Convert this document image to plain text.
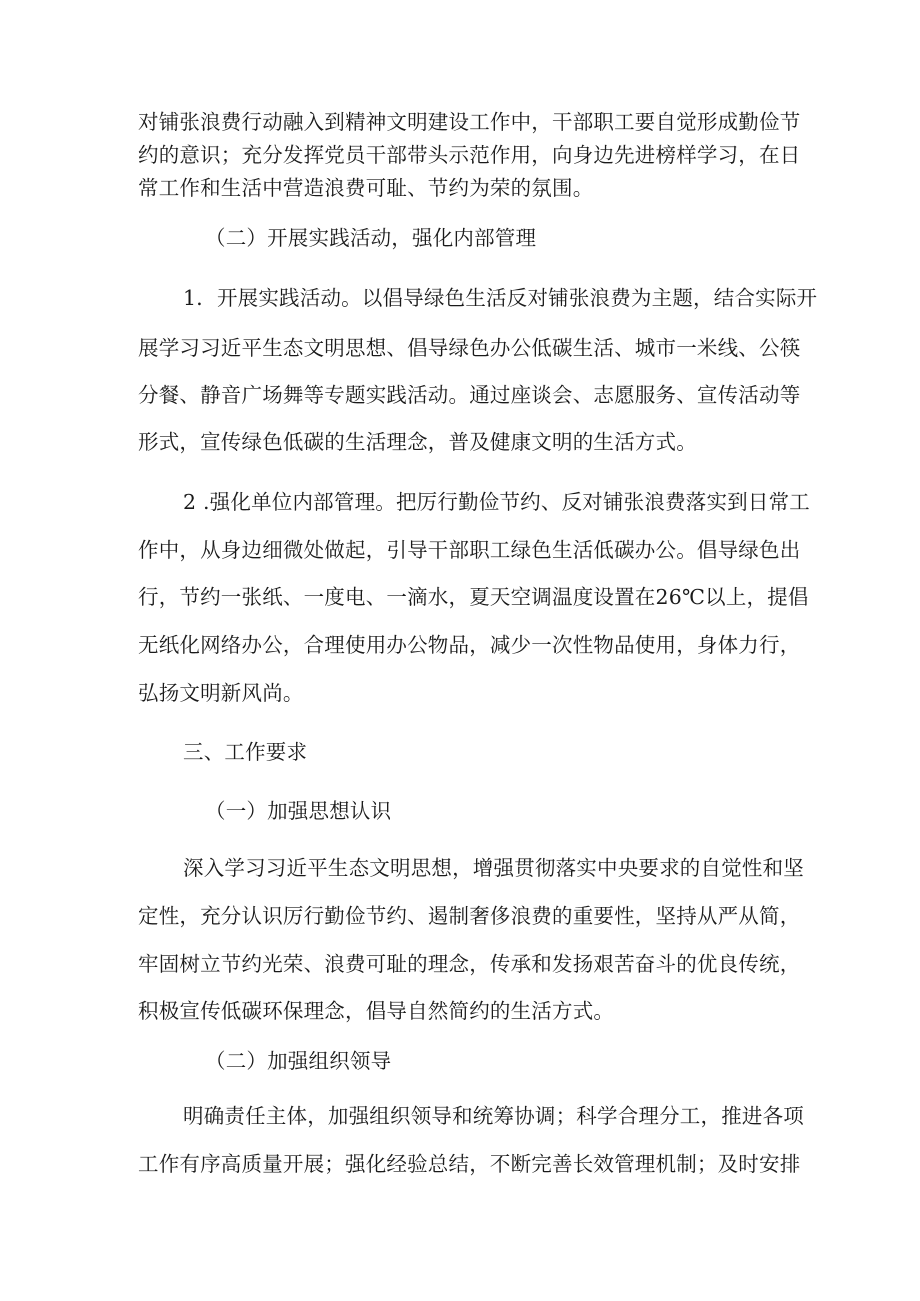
对铺张浪费行动融入到精神文明建设工作中，干部职工要自觉形成勤俭节
约的意识；充分发挥党员干部带头示范作用，向身边先进榜样学习，在日
常工作和生活中营造浪费可耻、节约为荣的氛围。
（二）开展实践活动，强化内部管理
1．开展实践活动。以倡导绿色生活反对铺张浪费为主题，结合实际开
展学习习近平生态文明思想、倡导绿色办公低碳生活、城市一米线、公筷
分餐、静音广场舞等专题实践活动。通过座谈会、志愿服务、宣传活动等
形式，宣传绿色低碳的生活理念，普及健康文明的生活方式。
2 .强化单位内部管理。把厉行勤俭节约、反对铺张浪费落实到日常工
作中，从身边细微处做起，引导干部职工绿色生活低碳办公。倡导绿色出
行，节约一张纸、一度电、一滴水，夏天空调温度设置在26℃以上，提倡
无纸化网络办公，合理使用办公物品，减少一次性物品使用，身体力行，
弘扬文明新风尚。
三、工作要求
（一）加强思想认识
深入学习习近平生态文明思想，增强贯彻落实中央要求的自觉性和坚
定性，充分认识厉行勤俭节约、遏制奢侈浪费的重要性，坚持从严从简，
牢固树立节约光荣、浪费可耻的理念，传承和发扬艰苦奋斗的优良传统，
积极宣传低碳环保理念，倡导自然简约的生活方式。
（二）加强组织领导
明确责任主体，加强组织领导和统筹协调；科学合理分工，推进各项
工作有序高质量开展；强化经验总结，不断完善长效管理机制；及时安排
